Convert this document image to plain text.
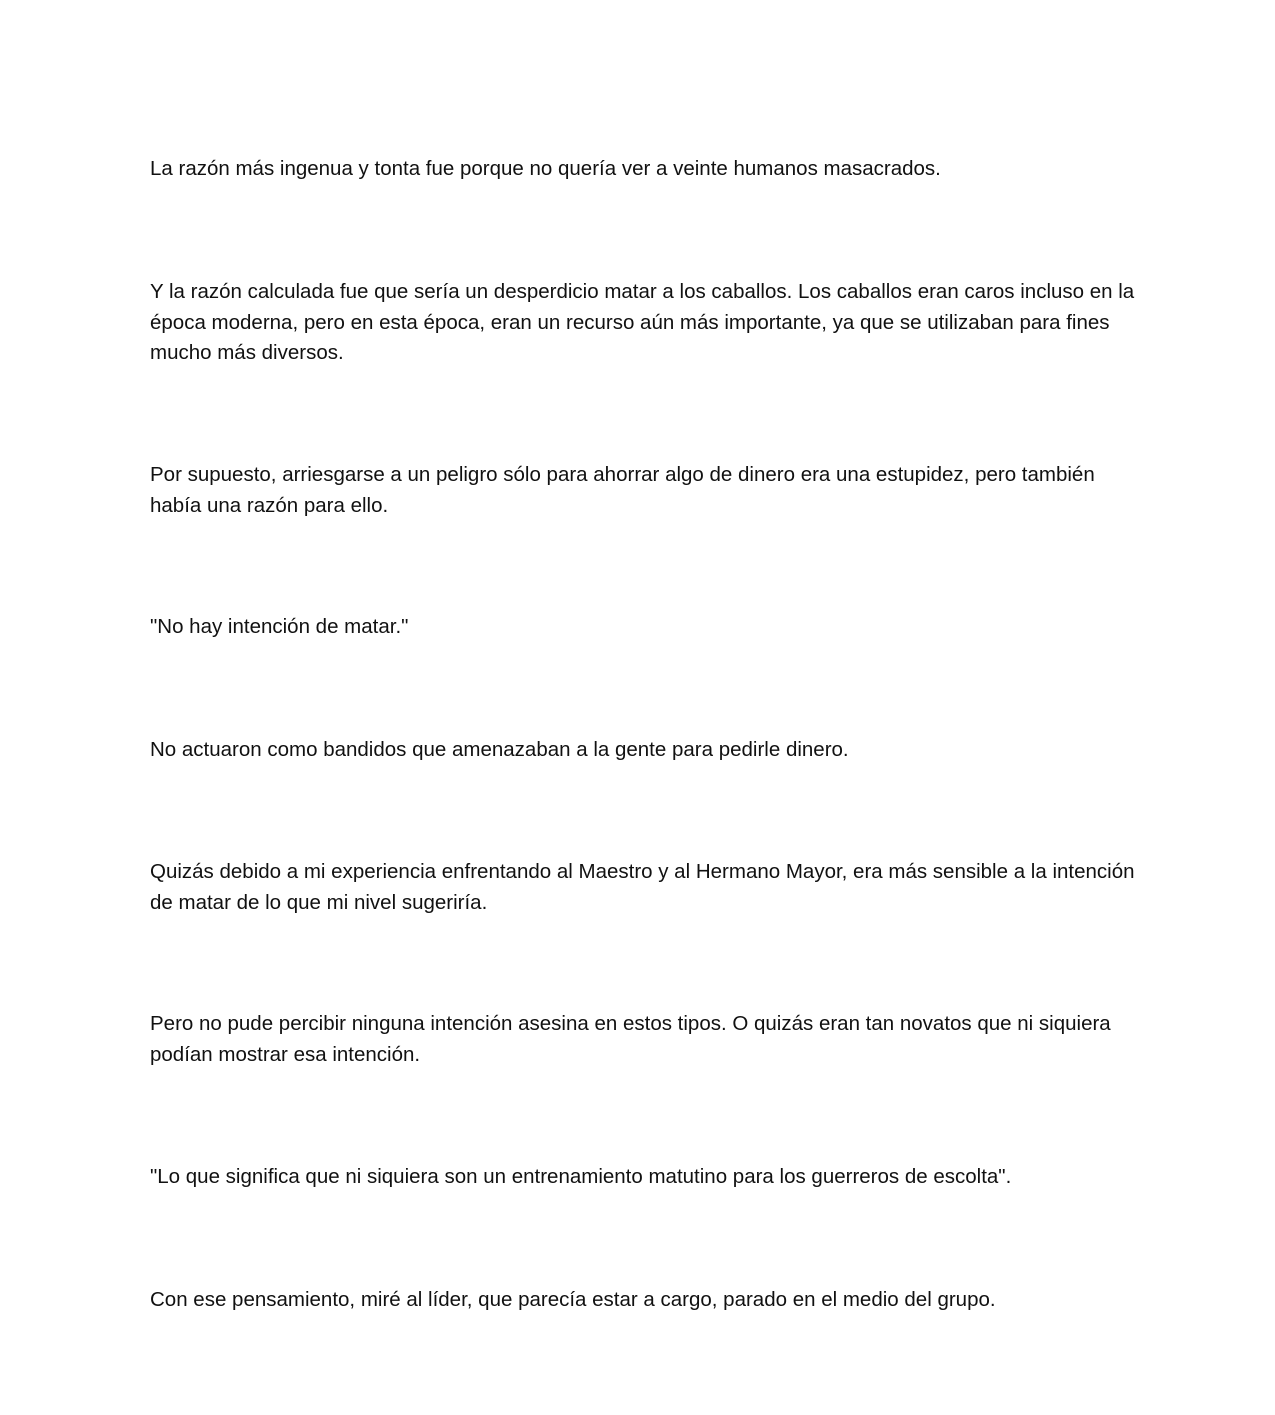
La razón más ingenua y tonta fue porque no quería ver a veinte humanos masacrados.

Y la razón calculada fue que sería un desperdicio matar a los caballos. Los caballos eran caros incluso en la época moderna, pero en esta época, eran un recurso aún más importante, ya que se utilizaban para fines mucho más diversos.

Por supuesto, arriesgarse a un peligro sólo para ahorrar algo de dinero era una estupidez, pero también había una razón para ello.

"No hay intención de matar."

No actuaron como bandidos que amenazaban a la gente para pedirle dinero.

Quizás debido a mi experiencia enfrentando al Maestro y al Hermano Mayor, era más sensible a la intención de matar de lo que mi nivel sugeriría.

Pero no pude percibir ninguna intención asesina en estos tipos. O quizás eran tan novatos que ni siquiera podían mostrar esa intención.

"Lo que significa que ni siquiera son un entrenamiento matutino para los guerreros de escolta".

Con ese pensamiento, miré al líder, que parecía estar a cargo, parado en el medio del grupo.
